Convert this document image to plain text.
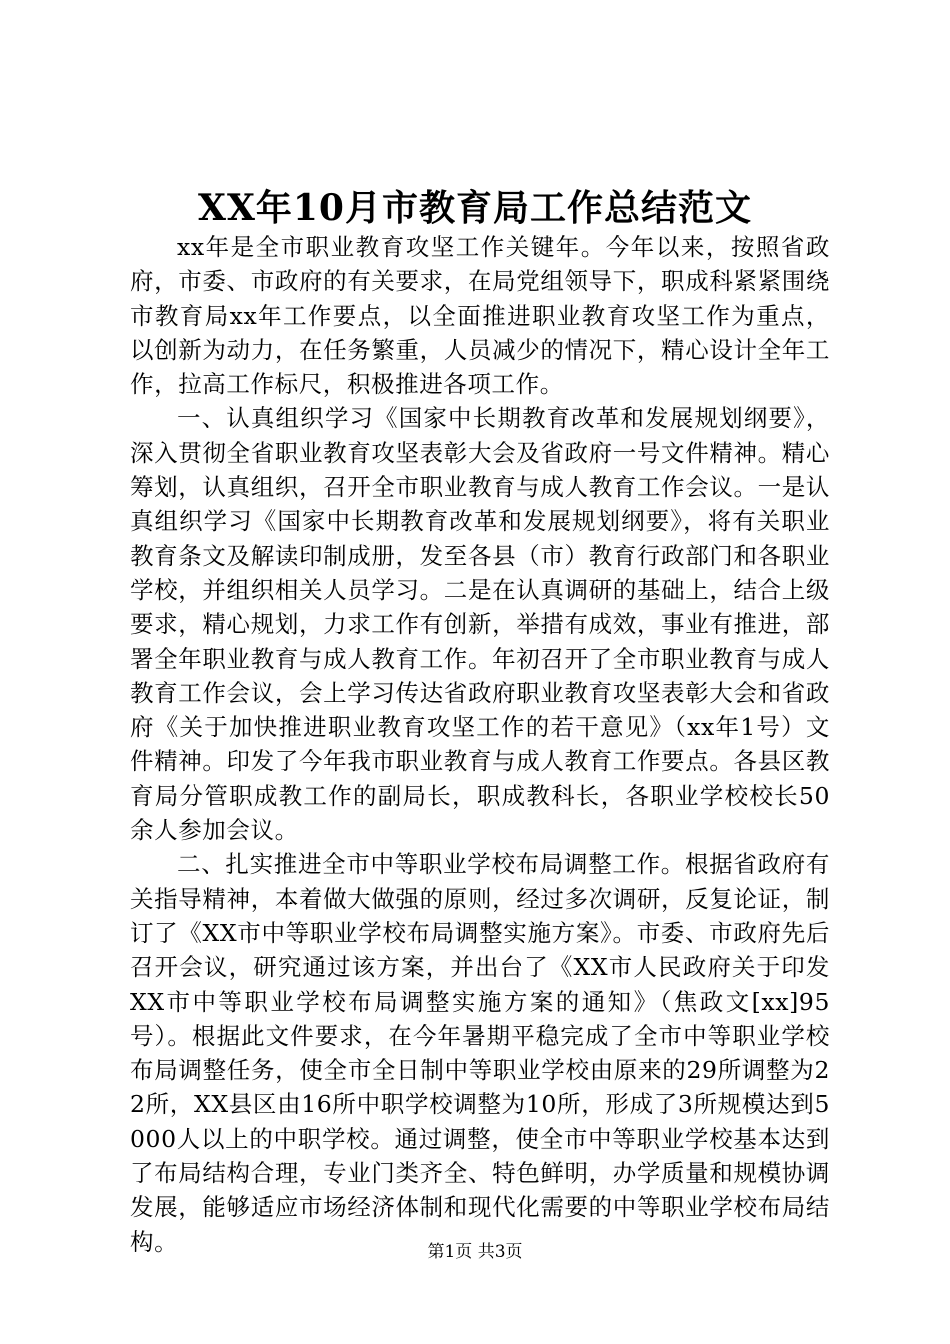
XX年10月市教育局工作总结范文

xx年是全市职业教育攻坚工作关键年。今年以来，按照省政府，市委、市政府的有关要求，在局党组领导下，职成科紧紧围绕市教育局xx年工作要点，以全面推进职业教育攻坚工作为重点，以创新为动力，在任务繁重，人员减少的情况下，精心设计全年工作，拉高工作标尺，积极推进各项工作。

一、认真组织学习《国家中长期教育改革和发展规划纲要》，深入贯彻全省职业教育攻坚表彰大会及省政府一号文件精神。精心筹划，认真组织，召开全市职业教育与成人教育工作会议。一是认真组织学习《国家中长期教育改革和发展规划纲要》，将有关职业教育条文及解读印制成册，发至各县（市）教育行政部门和各职业学校，并组织相关人员学习。二是在认真调研的基础上，结合上级要求，精心规划，力求工作有创新，举措有成效，事业有推进，部署全年职业教育与成人教育工作。年初召开了全市职业教育与成人教育工作会议，会上学习传达省政府职业教育攻坚表彰大会和省政府《关于加快推进职业教育攻坚工作的若干意见》（xx年1号）文件精神。印发了今年我市职业教育与成人教育工作要点。各县区教育局分管职成教工作的副局长，职成教科长，各职业学校校长50余人参加会议。

二、扎实推进全市中等职业学校布局调整工作。根据省政府有关指导精神，本着做大做强的原则，经过多次调研，反复论证，制订了《XX市中等职业学校布局调整实施方案》。市委、市政府先后召开会议，研究通过该方案，并出台了《XX市人民政府关于印发XX市中等职业学校布局调整实施方案的通知》（焦政文[xx]95号）。根据此文件要求，在今年暑期平稳完成了全市中等职业学校布局调整任务，使全市全日制中等职业学校由原来的29所调整为22所，XX县区由16所中职学校调整为10所，形成了3所规模达到5000人以上的中职学校。通过调整，使全市中等职业学校基本达到了布局结构合理，专业门类齐全、特色鲜明，办学质量和规模协调发展，能够适应市场经济体制和现代化需要的中等职业学校布局结构。	第1页 共3页
